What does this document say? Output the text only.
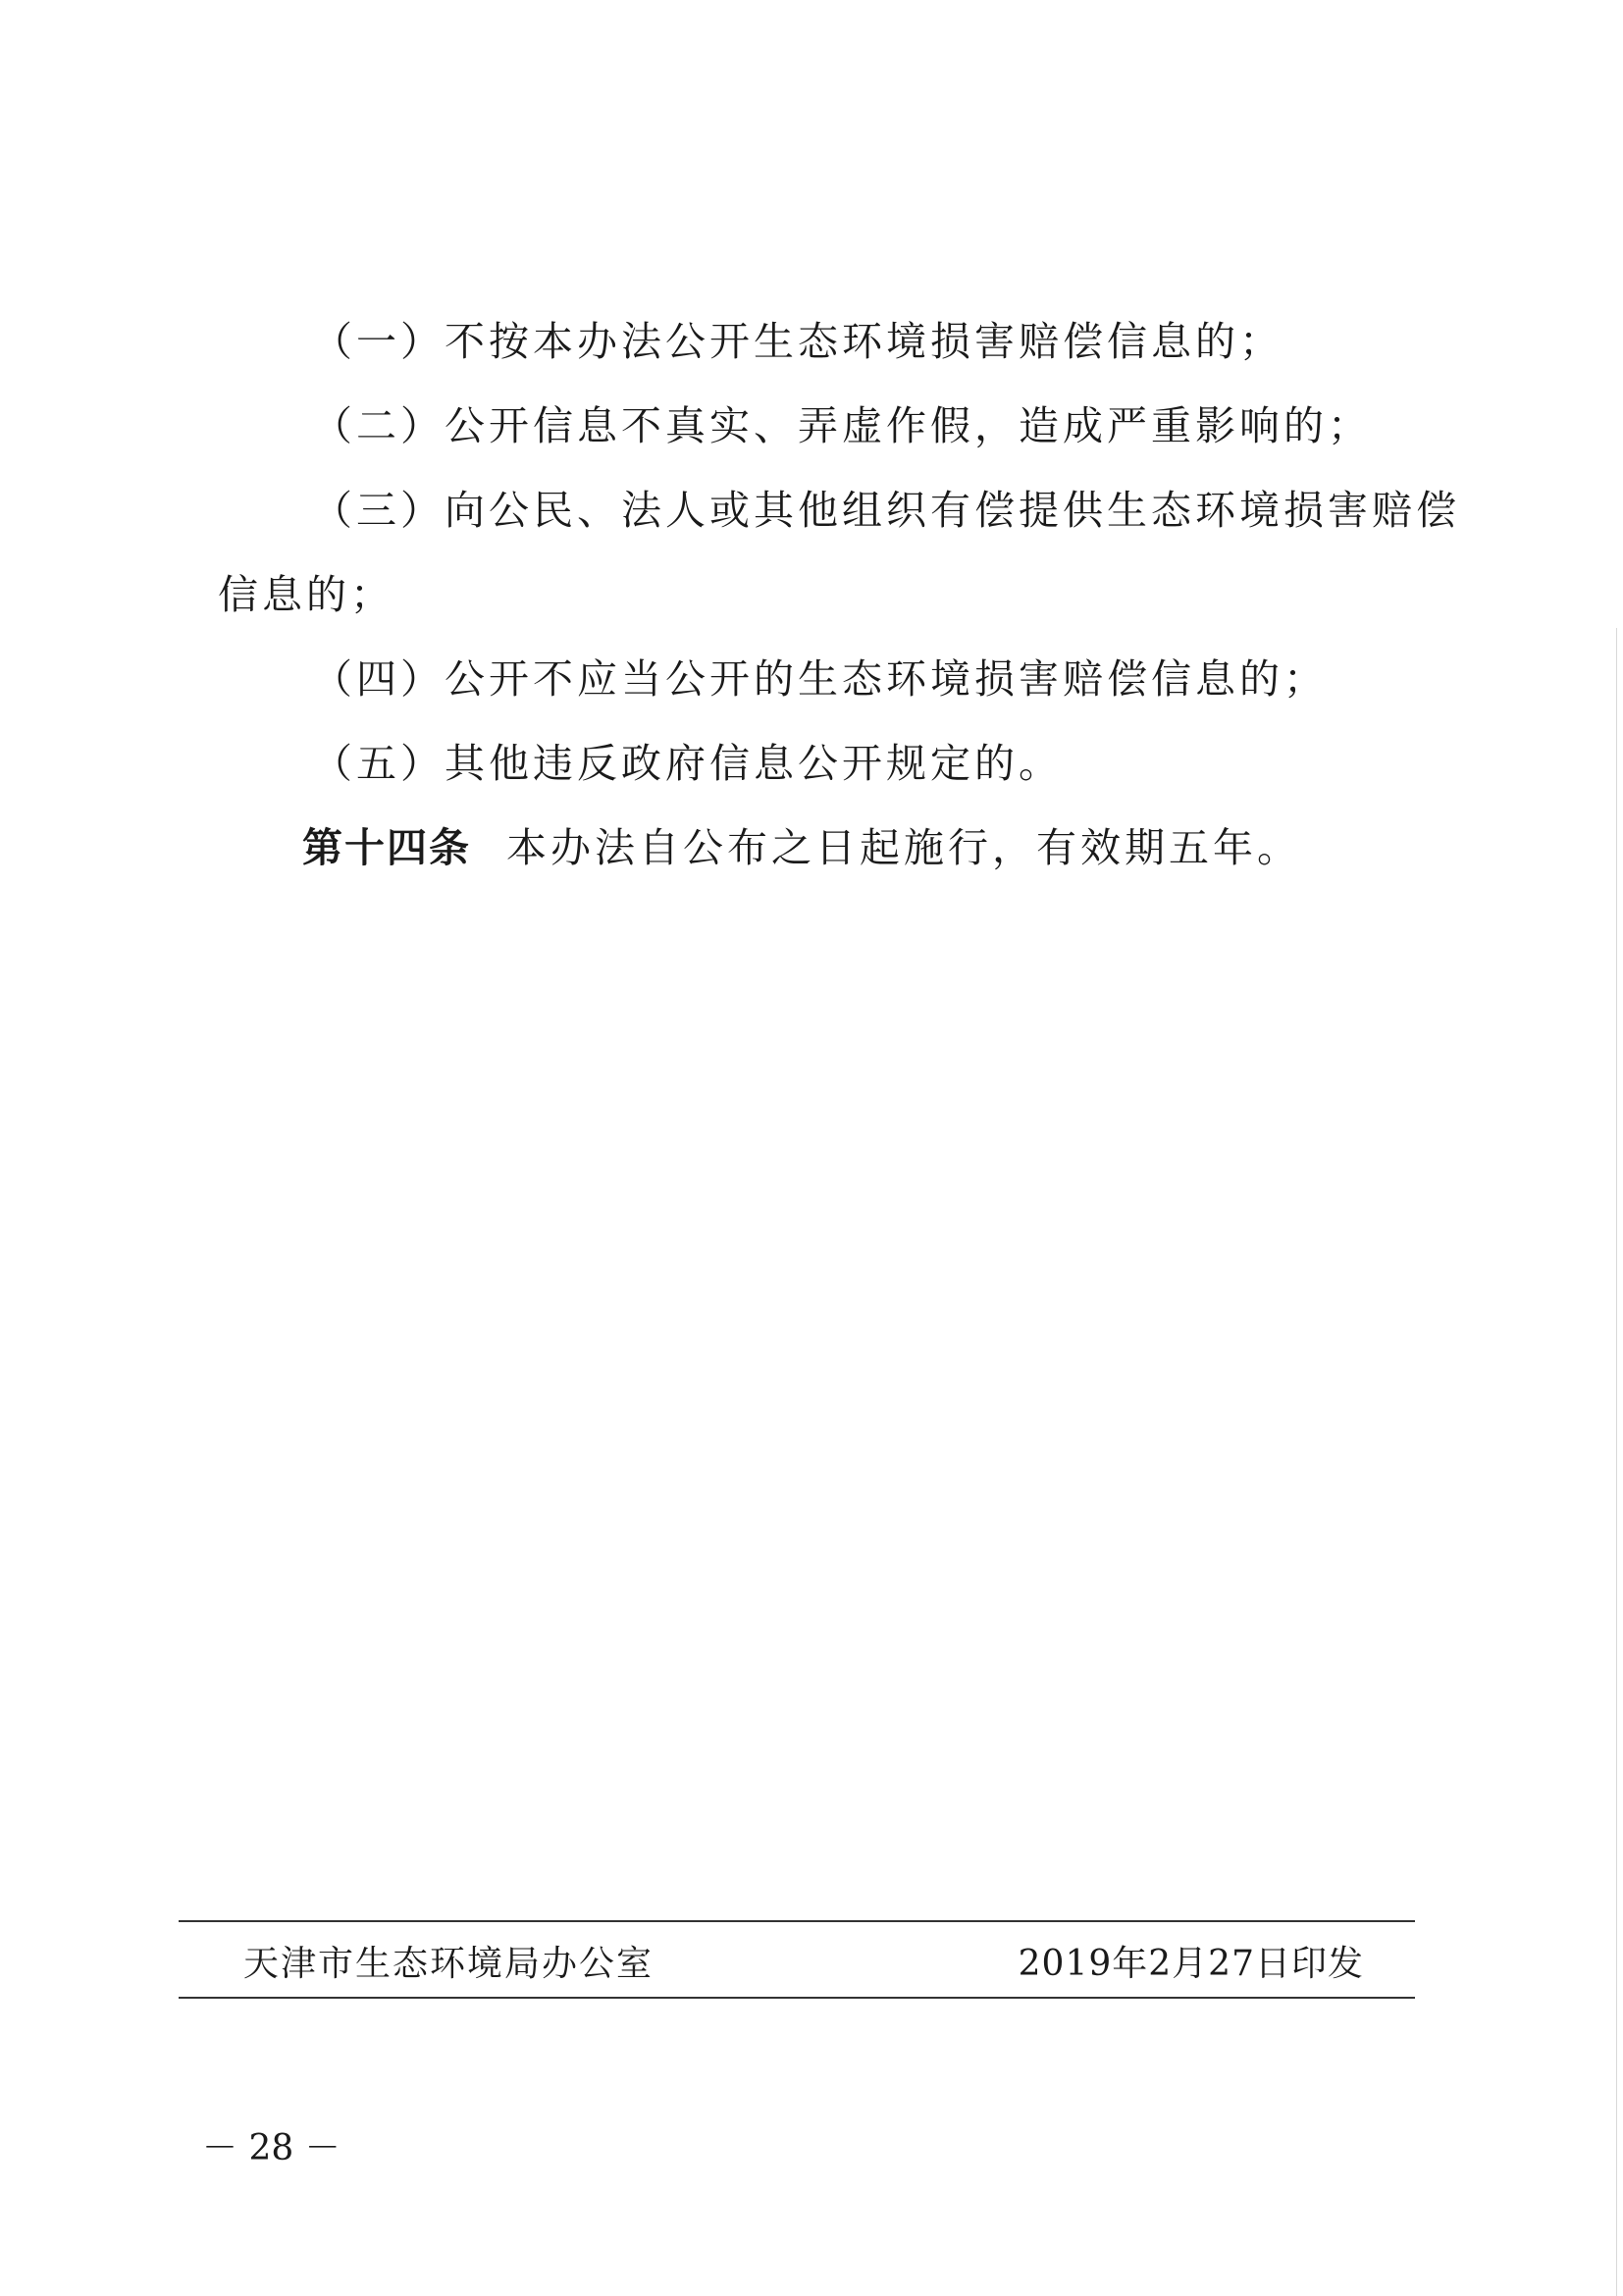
（一）不按本办法公开生态环境损害赔偿信息的；

（二）公开信息不真实、弄虚作假，造成严重影响的；

（三）向公民、法人或其他组织有偿提供生态环境损害赔偿

信息的；

（四）公开不应当公开的生态环境损害赔偿信息的；

（五）其他违反政府信息公开规定的。

第十四条 本办法自公布之日起施行，有效期五年。

天津市生态环境局办公室	2019年2月27日印发
－ 28 －
